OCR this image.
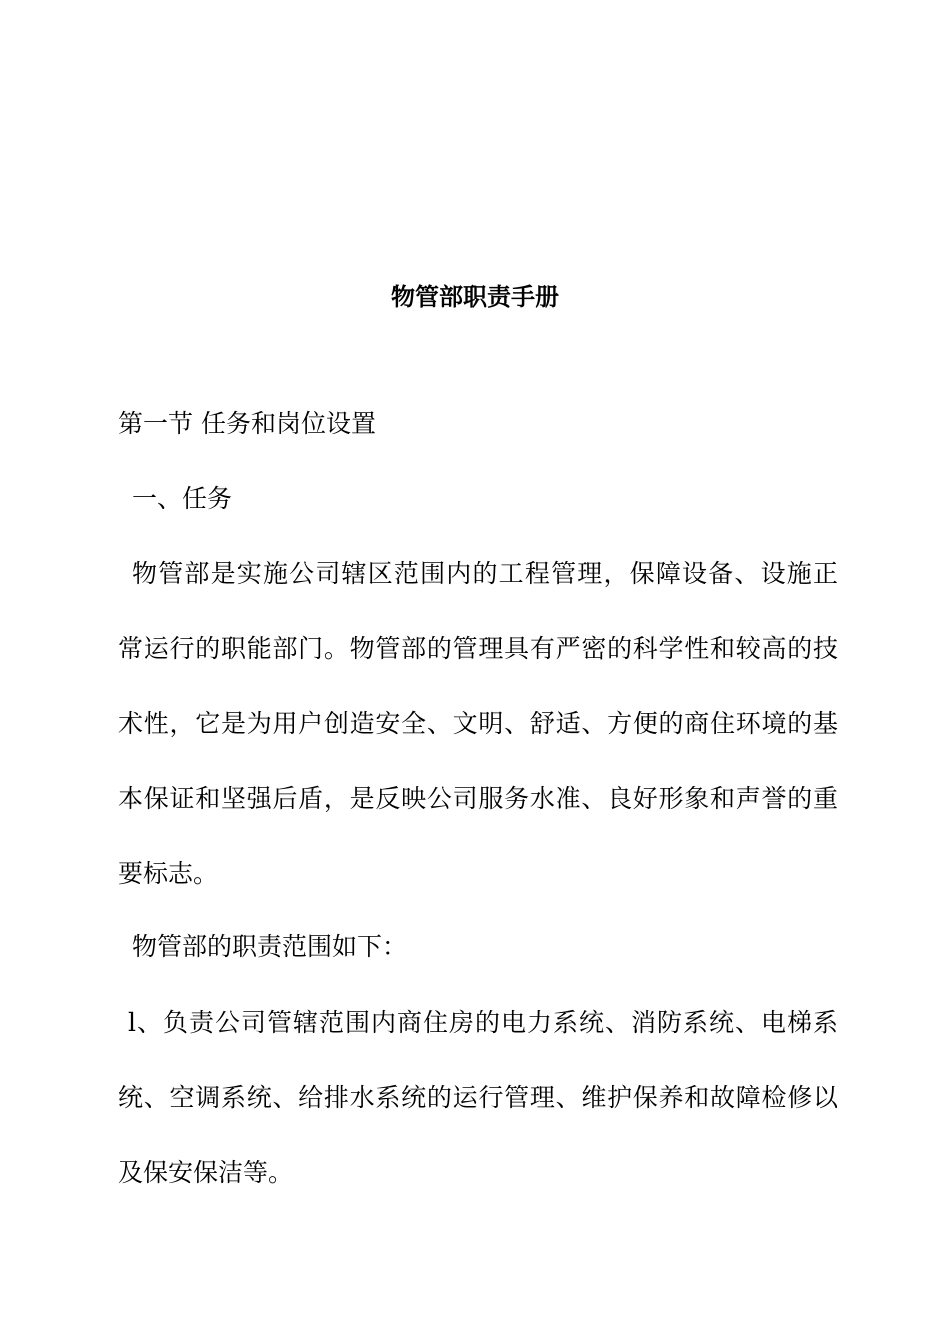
物管部职责手册
第一节 任务和岗位设置
一、任务
物管部是实施公司辖区范围内的工程管理，保障设备、设施正
常运行的职能部门。物管部的管理具有严密的科学性和较高的技
术性，它是为用户创造安全、文明、舒适、方便的商住环境的基
本保证和坚强后盾，是反映公司服务水准、良好形象和声誉的重
要标志。
物管部的职责范围如下：
l、负责公司管辖范围内商住房的电力系统、消防系统、电梯系
统、空调系统、给排水系统的运行管理、维护保养和故障检修以
及保安保洁等。
